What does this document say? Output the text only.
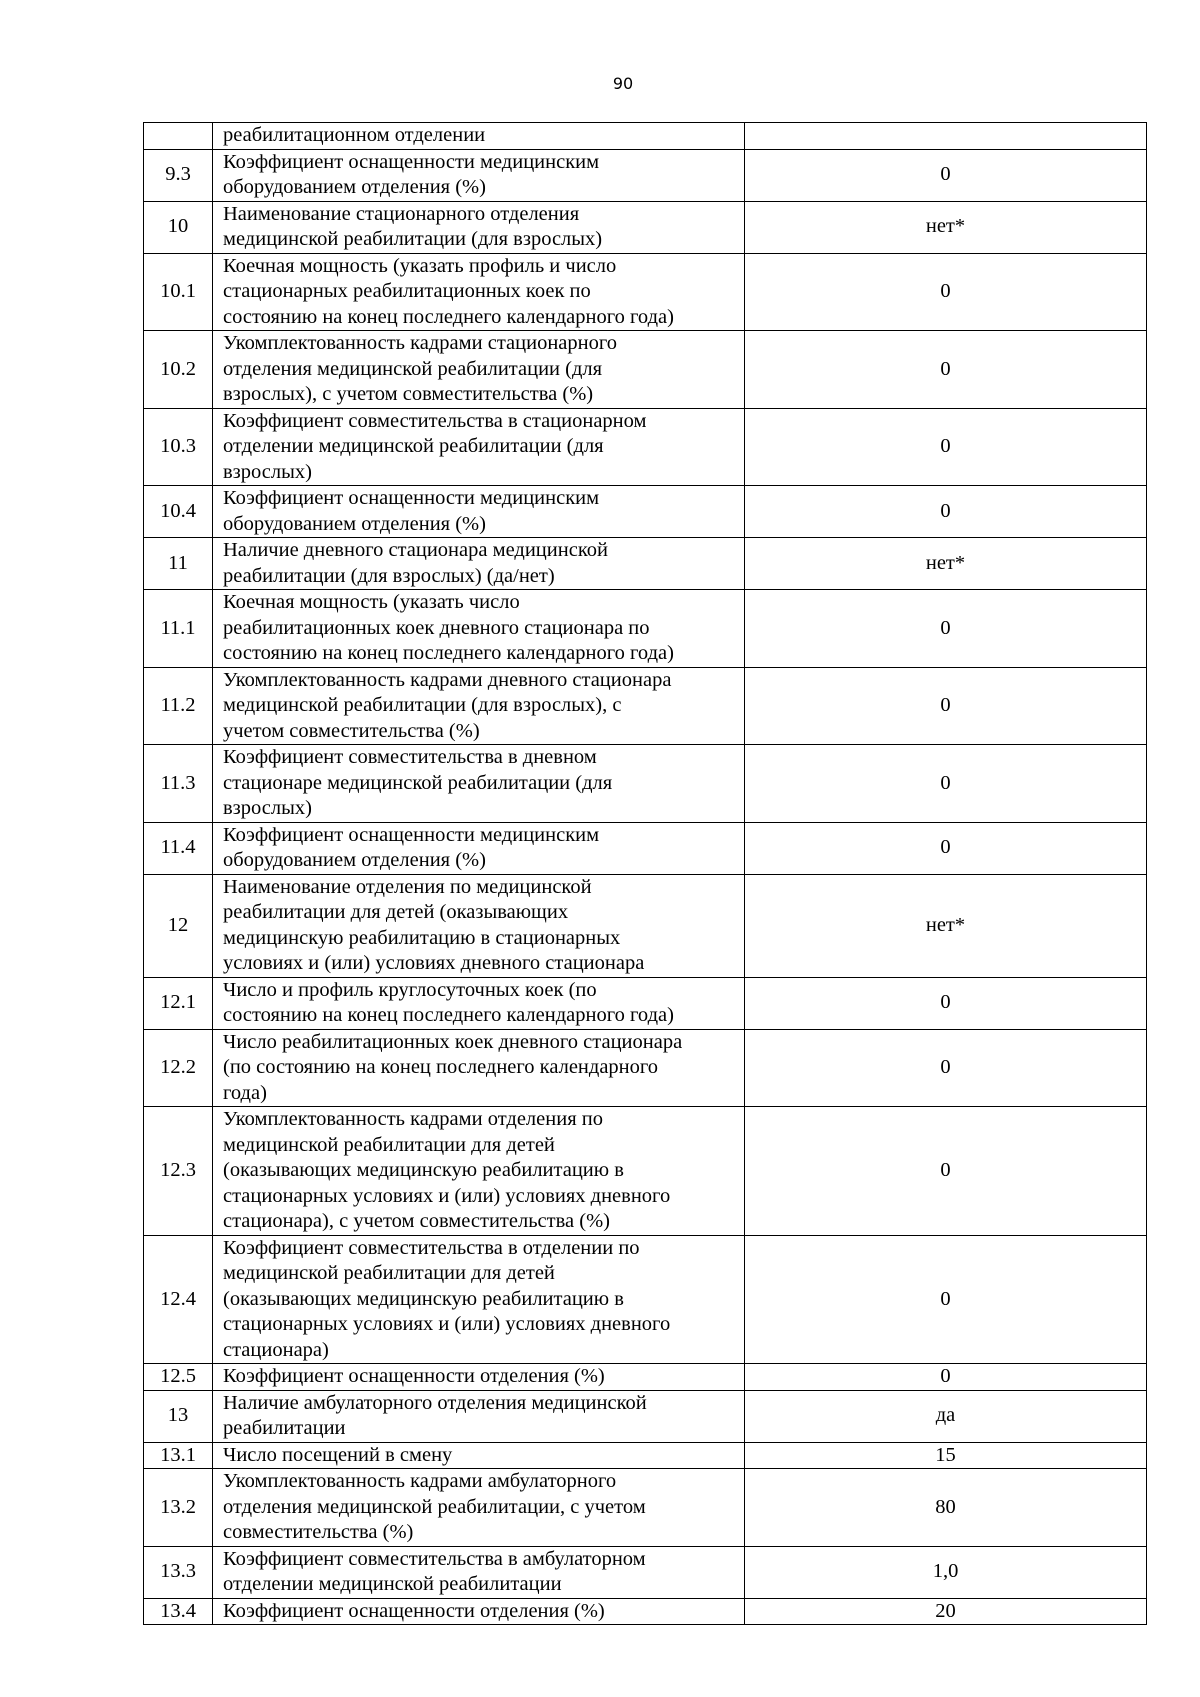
90

	реабилитационном отделении	

9.3	Коэффициент оснащенности медицинским
оборудованием отделения (%)	0
10	Наименование стационарного отделения
медицинской реабилитации (для взрослых)	нет*
10.1	Коечная мощность (указать профиль и число
стационарных реабилитационных коек по
состоянию на конец последнего календарного года)	0
10.2	Укомплектованность кадрами стационарного
отделения медицинской реабилитации (для
взрослых), с учетом совместительства (%)	0
10.3	Коэффициент совместительства в стационарном
отделении медицинской реабилитации (для
взрослых)	0
10.4	Коэффициент оснащенности медицинским
оборудованием отделения (%)	0
11	Наличие дневного стационара медицинской
реабилитации (для взрослых) (да/нет)	нет*
11.1	Коечная мощность (указать число
реабилитационных коек дневного стационара по
состоянию на конец последнего календарного года)	0
11.2	Укомплектованность кадрами дневного стационара
медицинской реабилитации (для взрослых), с
учетом совместительства (%)	0
11.3	Коэффициент совместительства в дневном
стационаре медицинской реабилитации (для
взрослых)	0
11.4	Коэффициент оснащенности медицинским
оборудованием отделения (%)	0
12	Наименование отделения по медицинской
реабилитации для детей (оказывающих
медицинскую реабилитацию в стационарных
условиях и (или) условиях дневного стационара	нет*
12.1	Число и профиль круглосуточных коек (по
состоянию на конец последнего календарного года)	0
12.2	Число реабилитационных коек дневного стационара
(по состоянию на конец последнего календарного
года)	0
12.3	Укомплектованность кадрами отделения по
медицинской реабилитации для детей
(оказывающих медицинскую реабилитацию в
стационарных условиях и (или) условиях дневного
стационара), с учетом совместительства (%)	0
12.4	Коэффициент совместительства в отделении по
медицинской реабилитации для детей
(оказывающих медицинскую реабилитацию в
стационарных условиях и (или) условиях дневного
стационара)	0
12.5	Коэффициент оснащенности отделения (%)	0
13	Наличие амбулаторного отделения медицинской
реабилитации	да
13.1	Число посещений в смену	15
13.2	Укомплектованность кадрами амбулаторного
отделения медицинской реабилитации, с учетом
совместительства (%)	80
13.3	Коэффициент совместительства в амбулаторном
отделении медицинской реабилитации	1,0
13.4	Коэффициент оснащенности отделения (%)	20
